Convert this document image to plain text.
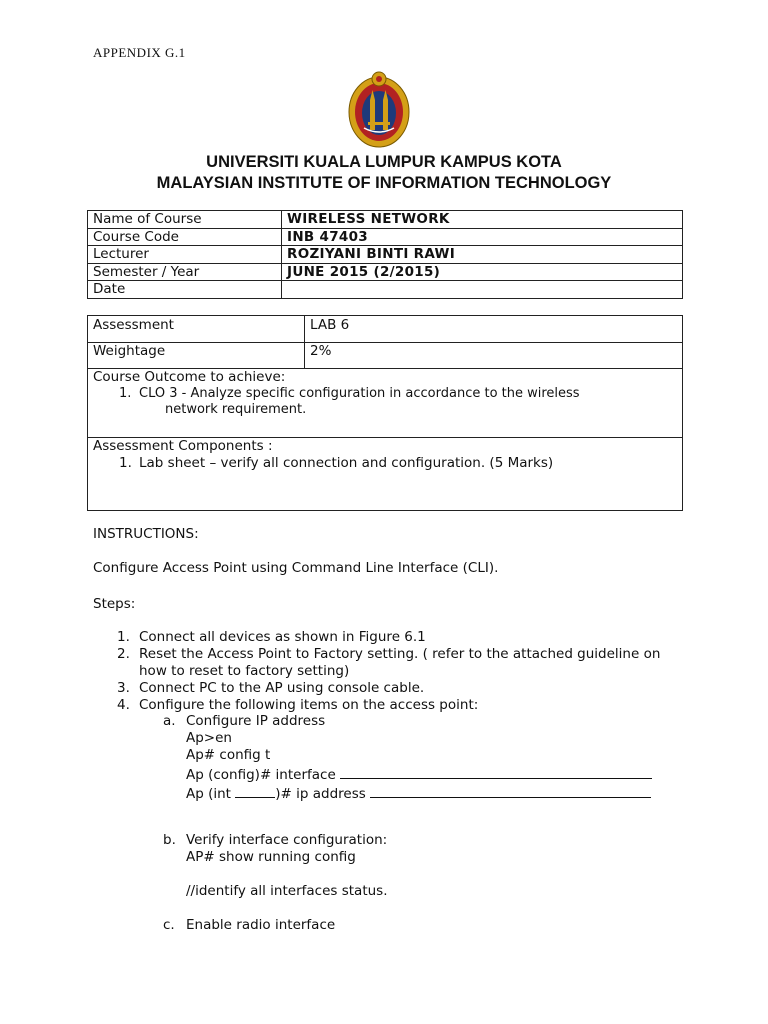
APPENDIX G.1
UNIVERSITI KUALA LUMPUR KAMPUS KOTA
MALAYSIAN INSTITUTE OF INFORMATION TECHNOLOGY
Name of Course	WIRELESS NETWORK
Course Code	INB 47403
Lecturer	ROZIYANI BINTI RAWI
Semester / Year	JUNE 2015 (2/2015)
Date	
Assessment	LAB 6
Weightage	2%

Course Outcome to achieve:
1. CLO 3 - Analyze specific configuration in accordance to the wireless
network requirement.	

Assessment Components :
1. Lab sheet – verify all connection and configuration. (5 Marks)	
INSTRUCTIONS:
Configure Access Point using Command Line Interface (CLI).
Steps:
1. Connect all devices as shown in Figure 6.1
2. Reset the Access Point to Factory setting. ( refer to the attached guideline on how to reset to factory setting)
3. Connect PC to the AP using console cable.
4. Configure the following items on the access point:
a. Configure IP address
Ap>en
Ap# config t
Ap (config)# interface
Ap (int	)# ip address
b. Verify interface configuration:
AP# show running config
//identify all interfaces status.
c. Enable radio interface
